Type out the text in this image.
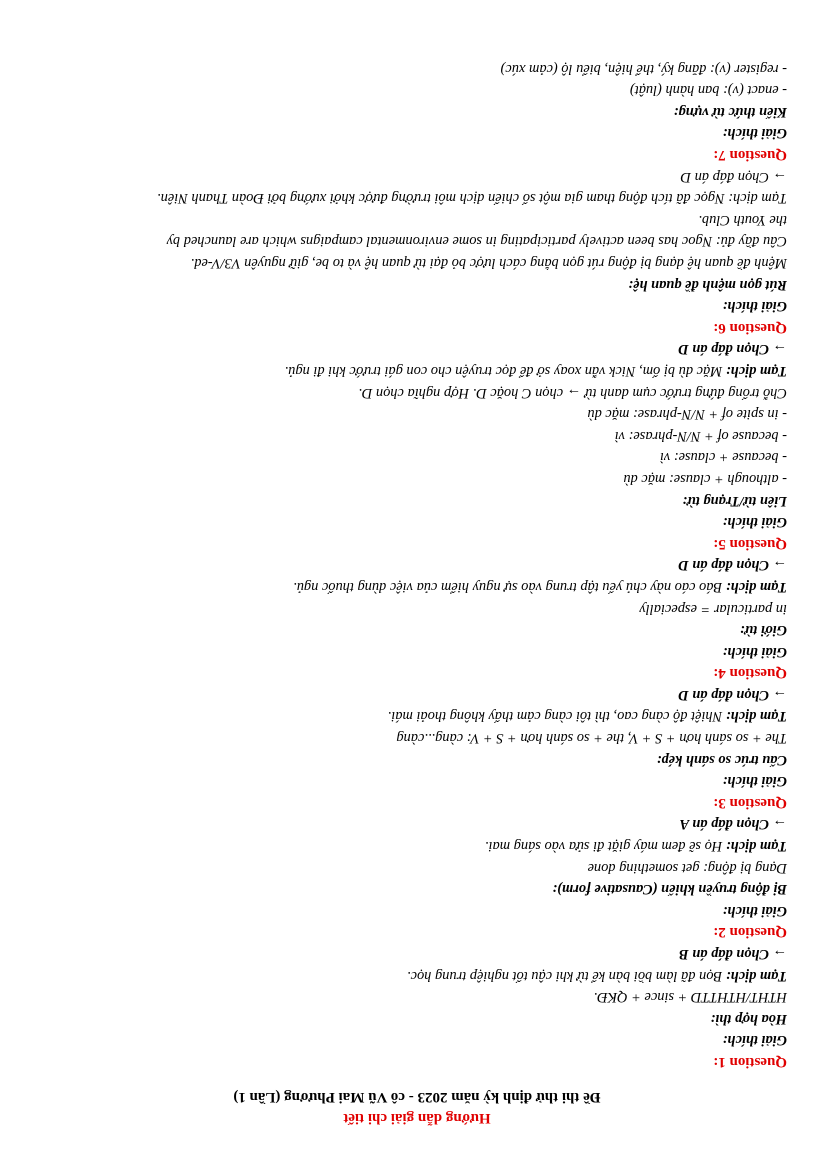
Hướng dẫn giải chi tiết
Đề thi thử định kỳ năm 2023 - cô Vũ Mai Phương (Lần 1)
Question 1:
Giải thích:
Hòa hợp thì:
HTHT/HTHTTD + since + QKĐ.
Tạm dịch: Bọn đã làm bồi bàn kể từ khi cậu tốt nghiệp trung học.
→ Chọn đáp án B
Question 2:
Giải thích:
Bị động truyền khiến (Causative form):
Dạng bị động: get something done
Tạm dịch: Họ sẽ đem máy giặt đi sửa vào sáng mai.
→ Chọn đáp án A
Question 3:
Giải thích:
Cấu trúc so sánh kép:
The + so sánh hơn + S + V, the + so sánh hơn + S + V: càng...càng
Tạm dịch: Nhiệt độ càng cao, thì tôi càng cảm thấy không thoải mái.
→ Chọn đáp án D
Question 4:
Giải thích:
Giới từ:
in particular = especially
Tạm dịch: Báo cáo này chủ yếu tập trung vào sự nguy hiểm của việc dùng thuốc ngủ.
→ Chọn đáp án D
Question 5:
Giải thích:
Liên từ/Trạng từ:
- although + clause: mặc dù
- because + clause: vì
- because of + N/N-phrase: vì
- in spite of + N/N-phrase: mặc dù
Chỗ trống đứng trước cụm danh từ → chọn C hoặc D. Hợp nghĩa chọn D.
Tạm dịch: Mặc dù bị ốm, Nick vẫn xoay sở để đọc truyện cho con gái trước khi đi ngủ.
→ Chọn đáp án D
Question 6:
Giải thích:
Rút gọn mệnh đề quan hệ:
Mệnh đề quan hệ dạng bị động rút gọn bằng cách lược bỏ đại từ quan hệ và to be, giữ nguyên V3/V-ed.
Câu đầy đủ: Ngoc has been actively participating in some environmental campaigns which are launched by
the Youth Club.
Tạm dịch: Ngọc đã tích động tham gia một số chiến dịch môi trường được khởi xướng bởi Đoàn Thanh Niên.
→ Chọn đáp án D
Question 7:
Giải thích:
Kiến thức từ vựng:
- enact (v): ban hành (luật)
- register (v): đăng ký, thể hiện, biểu lộ (cảm xúc)
